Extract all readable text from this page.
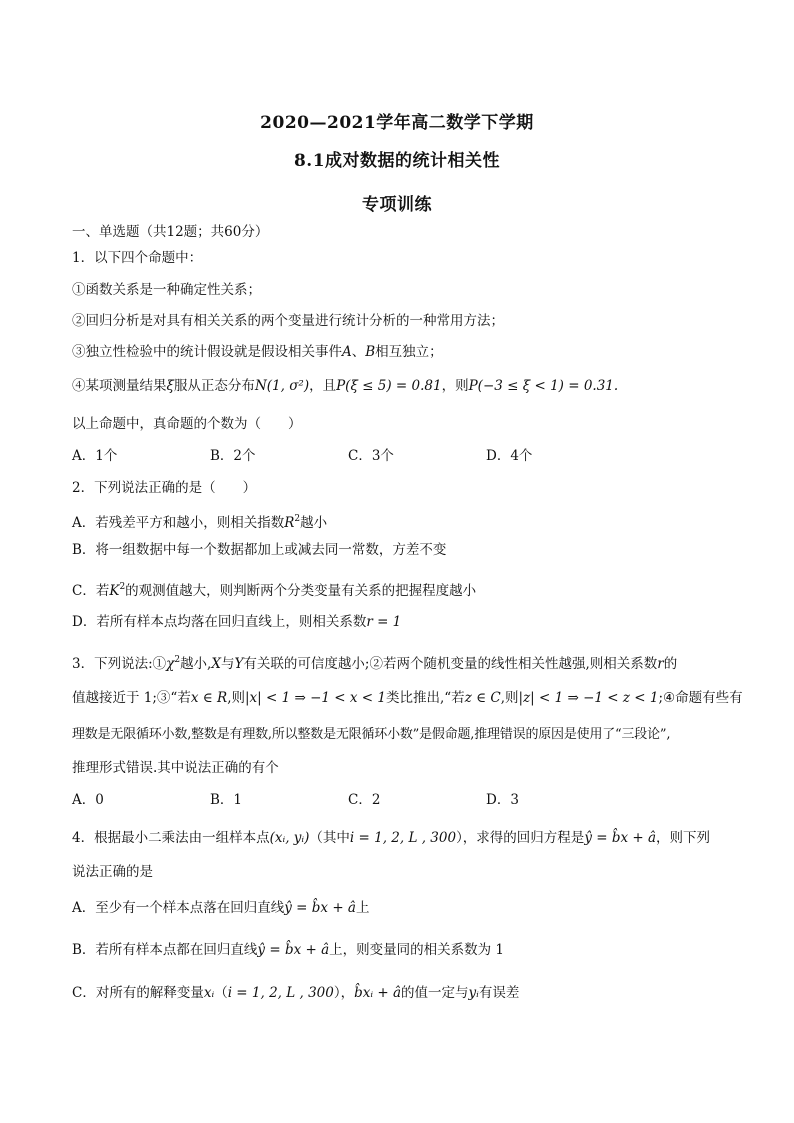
2020—2021学年高二数学下学期
8.1成对数据的统计相关性
专项训练
一、单选题（共12题；共60分）
1．以下四个命题中：
①函数关系是一种确定性关系；
②回归分析是对具有相关关系的两个变量进行统计分析的一种常用方法；
③独立性检验中的统计假设就是假设相关事件A、B相互独立；
④某项测量结果ξ服从正态分布N(1, σ²)，且P(ξ ≤ 5) = 0.81，则P(−3 ≤ ξ < 1) = 0.31.
以上命题中，真命题的个数为（　　）
A．1个	B．2个	C．3个	D．4个
2．下列说法正确的是（　　）
A．若残差平方和越小，则相关指数$R^2$越小
B．将一组数据中每一个数据都加上或减去同一常数，方差不变
C．若$K^2$的观测值越大，则判断两个分类变量有关系的把握程度越小
D．若所有样本点均落在回归直线上，则相关系数r = 1
3．下列说法$:①\chi^2$越小,X与Y有关联的可信度越小;②若两个随机变量的线性相关性越强,则相关系数r的
值越接近于 1;③“若x ∈ R,则|x| < 1 ⇒ −1 < x < 1类比推出,“若z ∈ C,则|z| < 1 ⇒ −1 < z < 1;④命题有些有
理数是无限循环小数,整数是有理数,所以整数是无限循环小数”是假命题,推理错误的原因是使用了“三段论”,
推理形式错误.其中说法正确的有个
A．0	B．1	C．2	D．3
4．根据最小二乘法由一组样本点(xᵢ, yᵢ)（其中i = 1, 2, L , 300），求得的回归方程是ŷ = b̂x + â，则下列
说法正确的是
A．至少有一个样本点落在回归直线ŷ = b̂x + â上
B．若所有样本点都在回归直线ŷ = b̂x + â上，则变量同的相关系数为 1
C．对所有的解释变量xᵢ（i = 1, 2, L , 300），b̂xᵢ + â的值一定与yᵢ有误差
